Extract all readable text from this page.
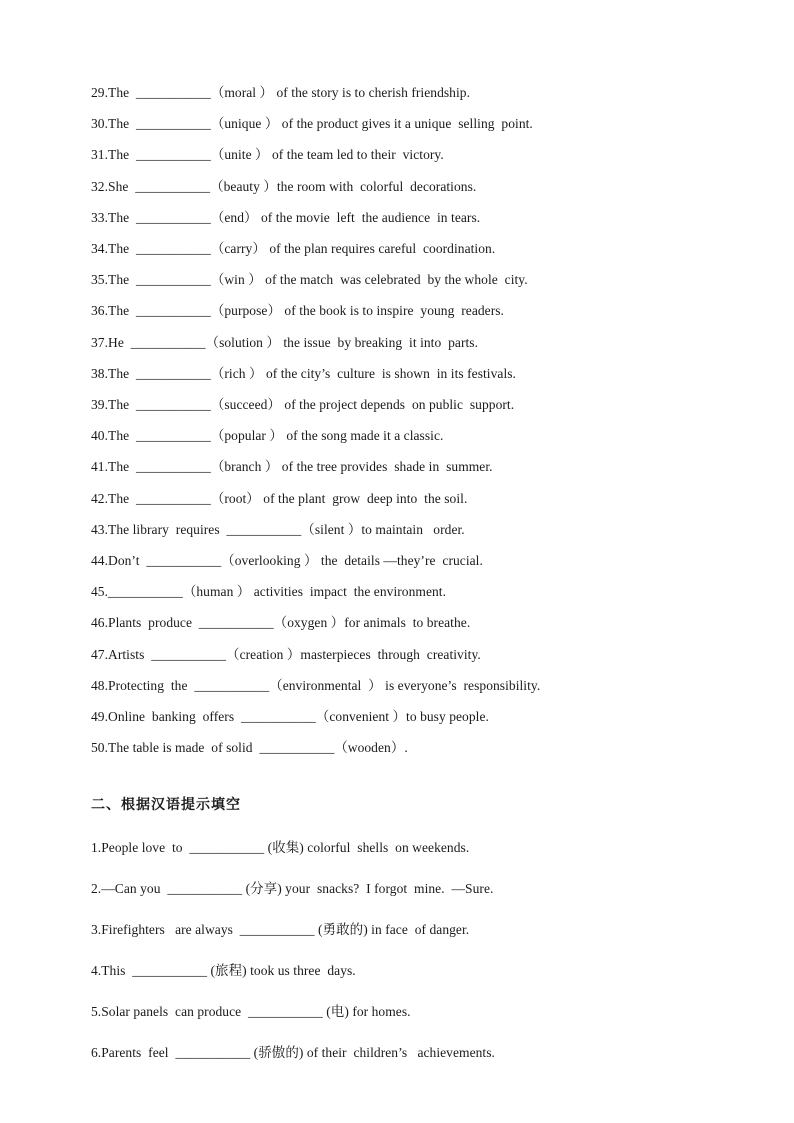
29.The  ___________（moral ） of the story is to cherish friendship.
30.The  ___________（unique ） of the product gives it a unique  selling  point.
31.The  ___________（unite ） of the team led to their  victory.
32.She  ___________（beauty ）the room with  colorful  decorations.
33.The  ___________（end） of the movie  left  the audience  in tears.
34.The  ___________（carry） of the plan requires careful  coordination.
35.The  ___________（win ） of the match  was celebrated  by the whole  city.
36.The  ___________（purpose） of the book is to inspire  young  readers.
37.He  ___________（solution ） the issue  by breaking  it into  parts.
38.The  ___________（rich ） of the city’s  culture  is shown  in its festivals.
39.The  ___________（succeed） of the project depends  on public  support.
40.The  ___________（popular ） of the song made it a classic.
41.The  ___________（branch ） of the tree provides  shade in  summer.
42.The  ___________（root） of the plant  grow  deep into  the soil.
43.The library  requires  ___________（silent ）to maintain   order.
44.Don’t  ___________（overlooking ） the  details —they’re  crucial.
45.___________（human ） activities  impact  the environment.
46.Plants  produce  ___________（oxygen ）for animals  to breathe.
47.Artists  ___________（creation ）masterpieces  through  creativity.
48.Protecting  the  ___________（environmental  ） is everyone’s  responsibility.
49.Online  banking  offers  ___________（convenient ）to busy people.
50.The table is made  of solid  ___________（wooden）.
二、根据汉语提示填空
1.People love  to  ___________ (收集) colorful  shells  on weekends.
2.—Can you  ___________ (分享) your  snacks?  I forgot  mine.  —Sure.
3.Firefighters   are always  ___________ (勇敢的) in face  of danger.
4.This  ___________ (旅程) took us three  days.
5.Solar panels  can produce  ___________ (电) for homes.
6.Parents  feel  ___________ (骄傲的) of their  children’s   achievements.
